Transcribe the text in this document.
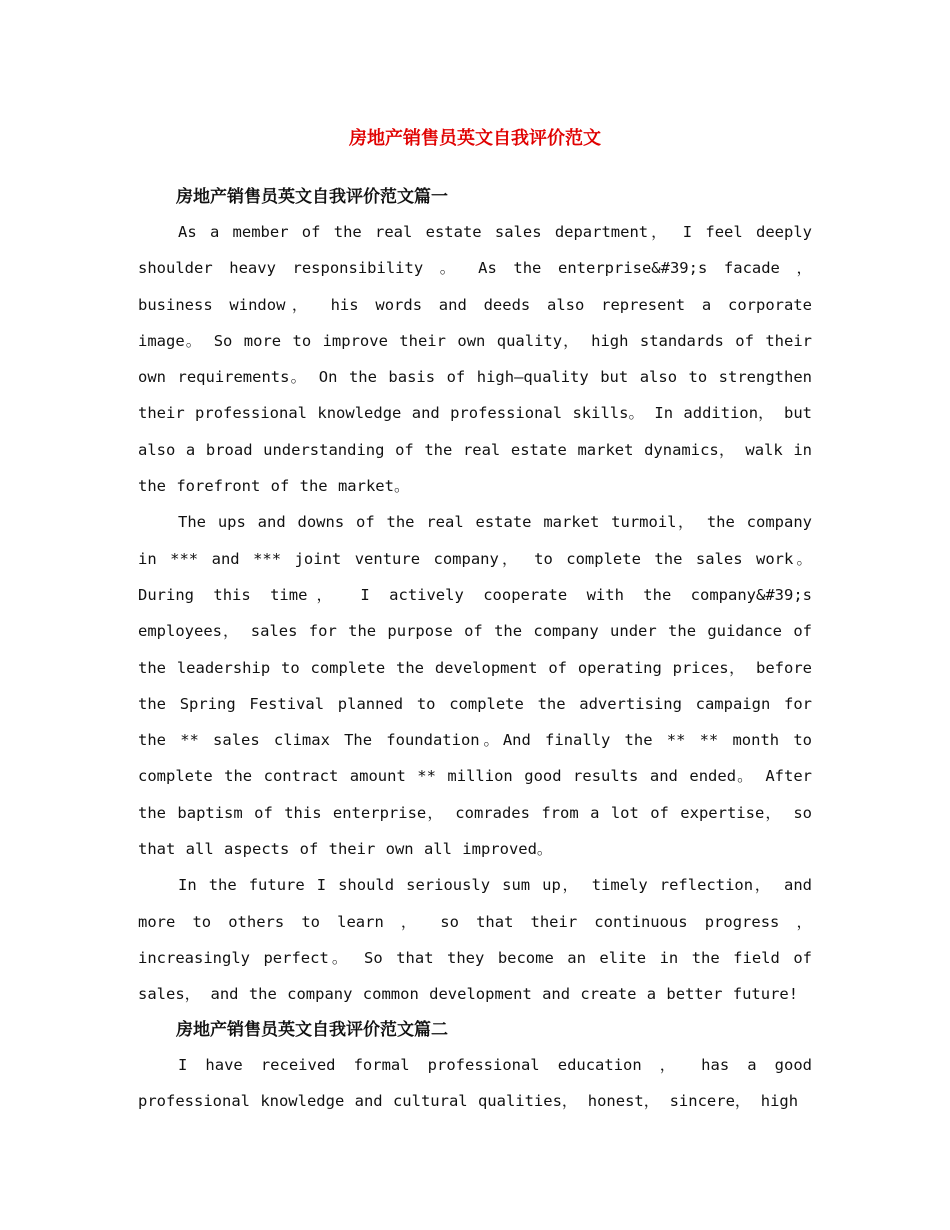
房地产销售员英文自我评价范文
房地产销售员英文自我评价范文篇一

As a member of the real estate sales department， I feel deeply shoulder heavy responsibility 。 As the enterprise&#39;s facade ， business window， his words and deeds also represent a corporate image。 So more to improve their own quality， high standards of their own requirements。 On the basis of high—quality but also to strengthen their professional knowledge and professional skills。 In addition， but also a broad understanding of the real estate market dynamics， walk in the forefront of the market。

The ups and downs of the real estate market turmoil， the company in *** and *** joint venture company， to complete the sales work。 During this time， I actively cooperate with the company&#39;s employees， sales for the purpose of the company under the guidance of the leadership to complete the development of operating prices， before the Spring Festival planned to complete the advertising campaign for the ** sales climax The foundation。And finally the ** ** month to complete the contract amount ** million good results and ended。 After the baptism of this enterprise， comrades from a lot of expertise， so that all aspects of their own all improved。

In the future I should seriously sum up， timely reflection， and more to others to learn ， so that their continuous progress ， increasingly perfect。 So that they become an elite in the field of sales， and the company common development and create a better future!

房地产销售员英文自我评价范文篇二

I have received formal professional education ， has a good professional knowledge and cultural qualities， honest， sincere， high
